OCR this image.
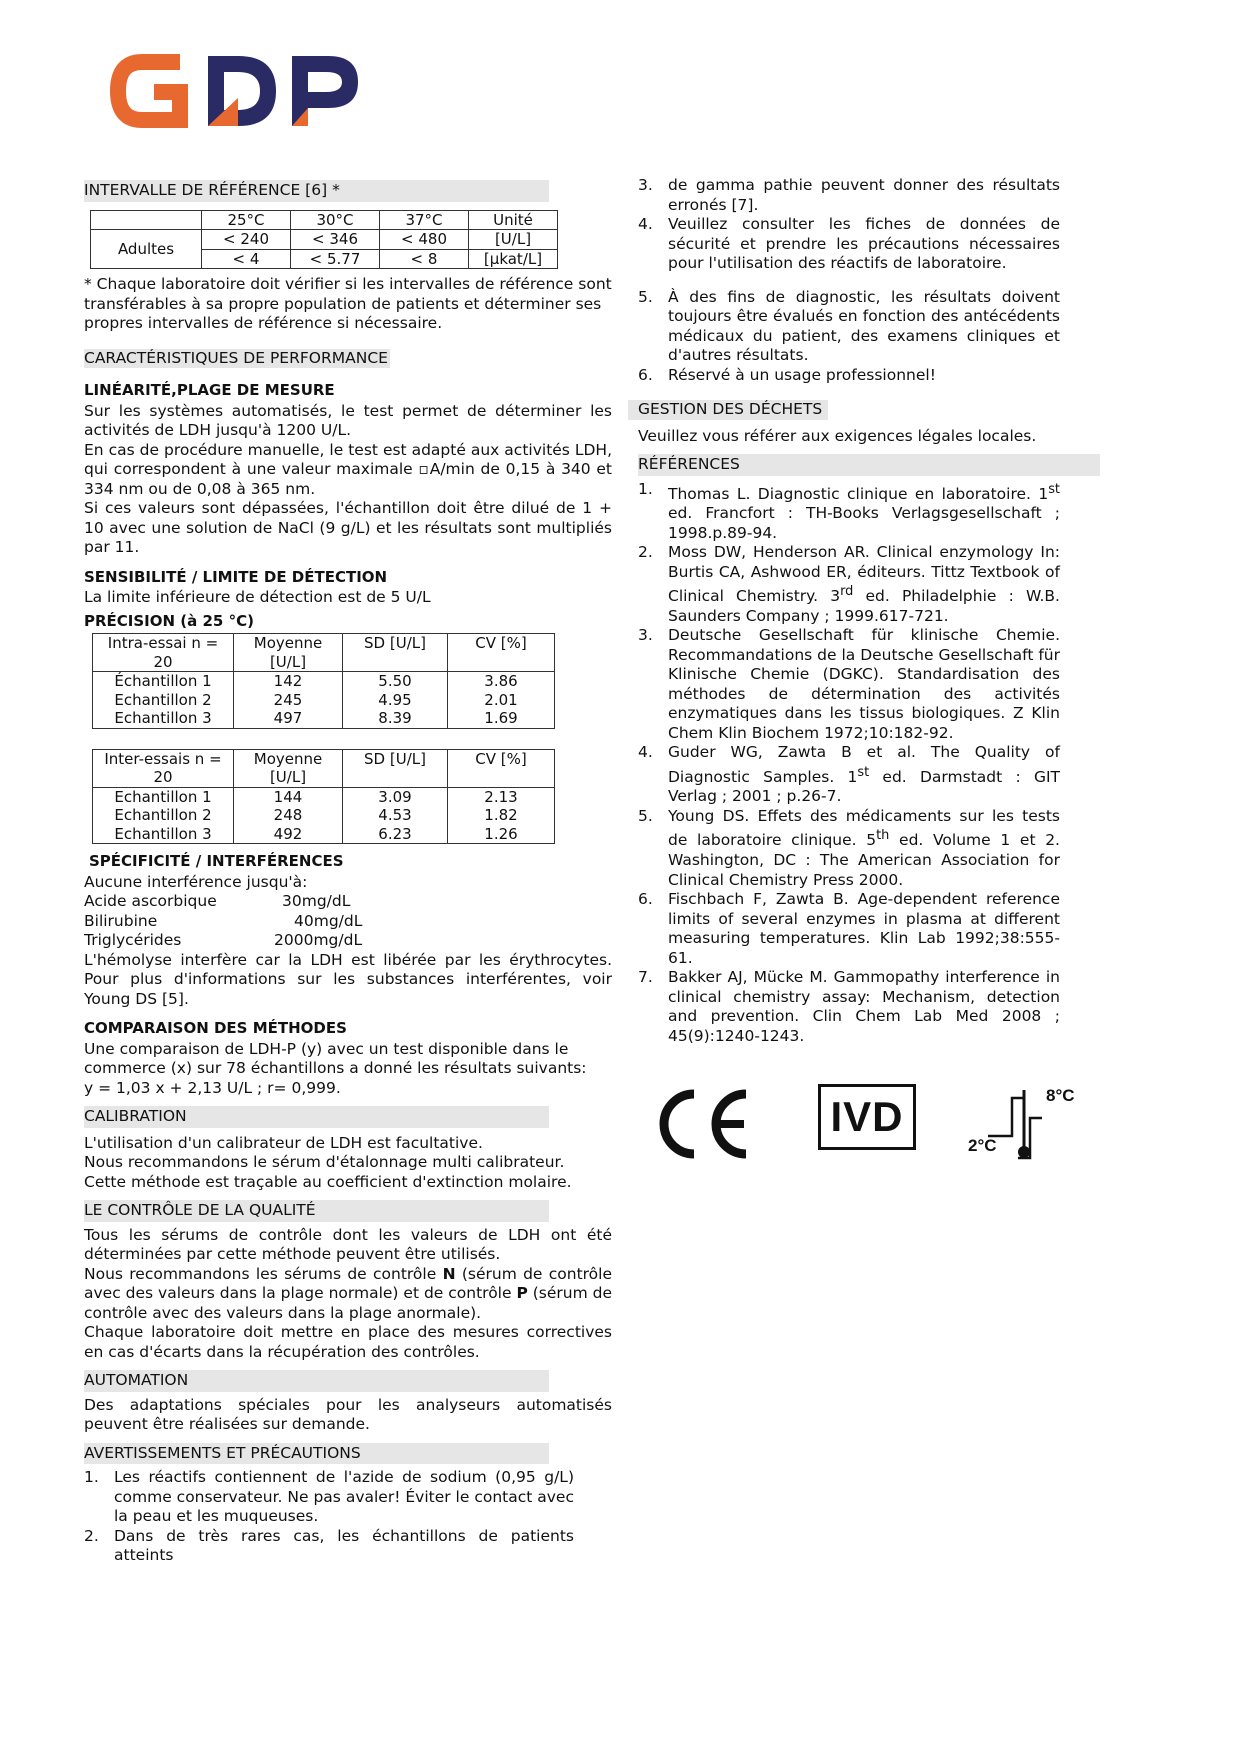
INTERVALLE DE RÉFÉRENCE [6] *
	25°C	30°C	37°C	Unité
Adultes	< 240	< 346	< 480	[U/L]
	< 4	< 5.77	< 8	[µkat/L]

* Chaque laboratoire doit vérifier si les intervalles de référence sont transférables à sa propre population de patients et déterminer ses propres intervalles de référence si nécessaire.

CARACTÉRISTIQUES DE PERFORMANCE
LINÉARITÉ,PLAGE DE MESURE

Sur les systèmes automatisés, le test permet de déterminer les activités de LDH jusqu'à 1200 U/L.

En cas de procédure manuelle, le test est adapté aux activités LDH, qui correspondent à une valeur maximale ▫A/min de 0,15 à 340 et 334 nm ou de 0,08 à 365 nm.

Si ces valeurs sont dépassées, l'échantillon doit être dilué de 1 + 10 avec une solution de NaCl (9 g/L) et les résultats sont multipliés par 11.

SENSIBILITÉ / LIMITE DE DÉTECTION

La limite inférieure de détection est de 5 U/L

PRÉCISION (à 25 °C)
Intra-essai n = 20	Moyenne [U/L]	SD [U/L]	CV [%]
Échantillon 1	142	5.50	3.86
Echantillon 2	245	4.95	2.01
Echantillon 3	497	8.39	1.69
Inter-essais n = 20	Moyenne [U/L]	SD [U/L]	CV [%]
Echantillon 1	144	3.09	2.13
Echantillon 2	248	4.53	1.82
Echantillon 3	492	6.23	1.26
SPÉCIFICITÉ / INTERFÉRENCES

Aucune interférence jusqu'à:

Acide ascorbique	30mg/dL
Bilirubine	40mg/dL
Triglycérides	2000mg/dL

L'hémolyse interfère car la LDH est libérée par les érythrocytes. Pour plus d'informations sur les substances interférentes, voir Young DS [5].

COMPARAISON DES MÉTHODES

Une comparaison de LDH-P (y) avec un test disponible dans le

commerce (x) sur 78 échantillons a donné les résultats suivants:

y = 1,03 x + 2,13 U/L ; r= 0,999.

CALIBRATION

L'utilisation d'un calibrateur de LDH est facultative.

Nous recommandons le sérum d'étalonnage multi calibrateur.

Cette méthode est traçable au coefficient d'extinction molaire.

LE CONTRÔLE DE LA QUALITÉ

Tous les sérums de contrôle dont les valeurs de LDH ont été déterminées par cette méthode peuvent être utilisés.

Nous recommandons les sérums de contrôle N (sérum de contrôle avec des valeurs dans la plage normale) et de contrôle P (sérum de contrôle avec des valeurs dans la plage anormale).

Chaque laboratoire doit mettre en place des mesures correctives en cas d'écarts dans la récupération des contrôles.

AUTOMATION

Des adaptations spéciales pour les analyseurs automatisés peuvent être réalisées sur demande.

AVERTISSEMENTS ET PRÉCAUTIONS
1. Les réactifs contiennent de l'azide de sodium (0,95 g/L) comme conservateur. Ne pas avaler! Éviter le contact avec la peau et les muqueuses.
2. Dans de très rares cas, les échantillons de patients atteints
3. de gamma pathie peuvent donner des résultats erronés [7].
4. Veuillez consulter les fiches de données de sécurité et prendre les précautions nécessaires pour l'utilisation des réactifs de laboratoire.
5. À des fins de diagnostic, les résultats doivent toujours être évalués en fonction des antécédents médicaux du patient, des examens cliniques et d'autres résultats.
6. Réservé à un usage professionnel!
GESTION DES DÉCHETS

Veuillez vous référer aux exigences légales locales.

RÉFÉRENCES
1. Thomas L. Diagnostic clinique en laboratoire. 1st ed. Francfort : TH-Books Verlagsgesellschaft ; 1998.p.89-94.
2. Moss DW, Henderson AR. Clinical enzymology In: Burtis CA, Ashwood ER, éditeurs. Tittz Textbook of Clinical Chemistry. 3rd ed. Philadelphie : W.B. Saunders Company ; 1999.617-721.
3. Deutsche Gesellschaft für klinische Chemie. Recommandations de la Deutsche Gesellschaft für Klinische Chemie (DGKC). Standardisation des méthodes de détermination des activités enzymatiques dans les tissus biologiques. Z Klin Chem Klin Biochem 1972;10:182-92.
4. Guder WG, Zawta B et al. The Quality of Diagnostic Samples. 1st ed. Darmstadt : GIT Verlag ; 2001 ; p.26-7.
5. Young DS. Effets des médicaments sur les tests de laboratoire clinique. 5th ed. Volume 1 et 2. Washington, DC : The American Association for Clinical Chemistry Press 2000.
6. Fischbach F, Zawta B. Age-dependent reference limits of several enzymes in plasma at different measuring temperatures. Klin Lab 1992;38:555-61.
7. Bakker AJ, Mücke M. Gammopathy interference in clinical chemistry assay: Mechanism, detection and prevention. Clin Chem Lab Med 2008 ; 45(9):1240-1243.
IVD
2°C
8°C
